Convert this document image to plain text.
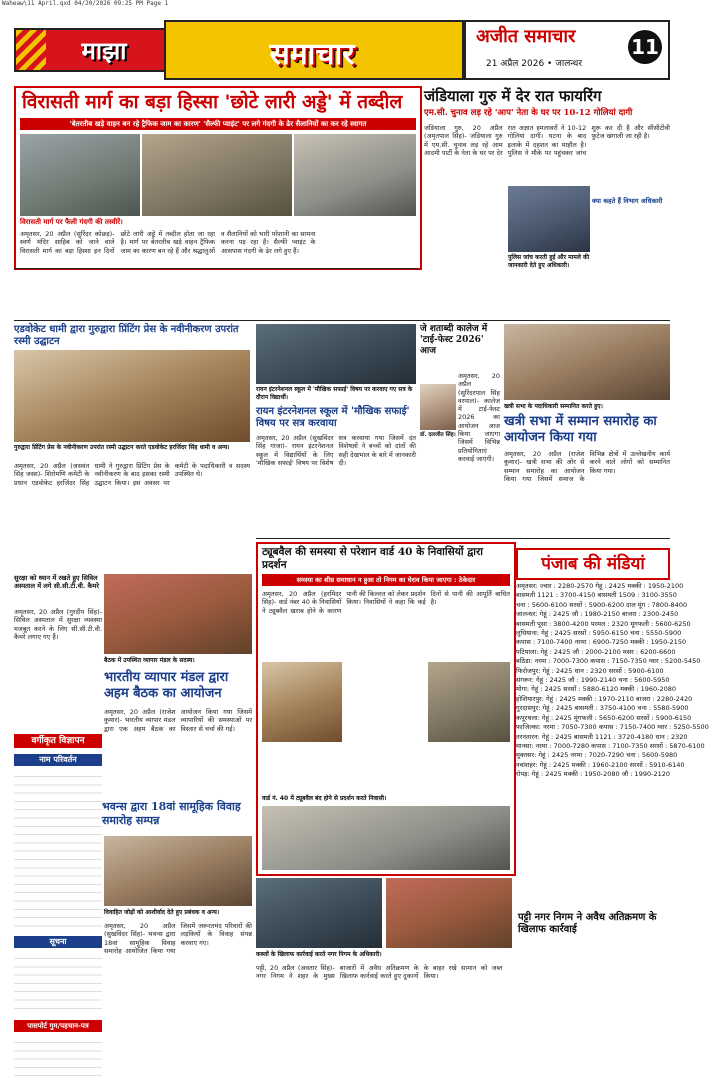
Waheaw\11 April.qxd 04/20/2026 09:25 PM Page 1
माझा	समाचार
अजीत समाचार
21 अप्रैल 2026 • जालन्धर
11
विरासती मार्ग का बड़ा हिस्सा 'छोटे लारी अड्डे' में तब्दील
'बेतरतीब खड़े वाहन बन रहे ट्रैफिक जाम का कारण' 'सैल्फी प्वाइंट' पर लगे गंदगी के ढेर सैलानियों का कर रहे स्वागत
विरासती मार्ग पर फैली गंदगी की तस्वीरें।
अमृतसर, 20 अप्रैल (सुरिंदर कोछड़)- स्वर्ण मंदिर साहिब को जाने वाले विरासती मार्ग का बड़ा हिस्सा इन दिनों छोटे लारी अड्डे में तब्दील होता जा रहा है। मार्ग पर बेतरतीब खड़े वाहन ट्रैफिक जाम का कारण बन रहे हैं और श्रद्धालुओं व सैलानियों को भारी परेशानी का सामना करना पड़ रहा है। सैल्फी प्वाइंट के आसपास गंदगी के ढेर लगे हुए हैं।
जंडियाला गुरु में देर रात फायरिंग
एम.सी. चुनाव लड़ रहे 'आप' नेता के घर पर 10-12 गोलियां दागी
जंडियाला गुरु, 20 अप्रैल (अमृतपाल सिंह)- जंडियाला गुरु में एम.सी. चुनाव लड़ रहे आम आदमी पार्टी के नेता के घर पर देर रात अज्ञात हमलावरों ने 10-12 गोलियां दागीं। घटना के बाद इलाके में दहशत का माहौल है। पुलिस ने मौके पर पहुंचकर जांच शुरू कर दी है और सीसीटीवी फुटेज खंगाली जा रही है।
पुलिस जांच करती हुई और मामले की जानकारी देते हुए अधिकारी।
क्या कहते हैं विभाग अधिकारी
एडवोकेट धामी द्वारा गुरुद्वारा प्रिंटिंग प्रेस के नवीनीकरण उपरांत रस्मी उद्घाटन
गुरुद्वारा प्रिंटिंग प्रेस के नवीनीकरण उपरांत रस्मी उद्घाटन करते एडवोकेट हरजिंदर सिंह धामी व अन्य।
अमृतसर, 20 अप्रैल (जसवंत सिंह जस्स)- शिरोमणि कमेटी के प्रधान एडवोकेट हरजिंदर सिंह धामी ने गुरुद्वारा प्रिंटिंग प्रेस के नवीनीकरण के बाद इसका रस्मी उद्घाटन किया। इस अवसर पर कमेटी के पदाधिकारी व सदस्य उपस्थित थे।
रायन इंटरनेशनल स्कूल में 'मौखिक सफाई' विषय पर करवाए गए सत्र के दौरान विद्यार्थी।
रायन इंटरनेशनल स्कूल में 'मौखिक सफाई' विषय पर सत्र करवाया
अमृतसर, 20 अप्रैल (सुखविंदर सिंह गाजा)- रायन इंटरनेशनल स्कूल में विद्यार्थियों के लिए 'मौखिक सफाई' विषय पर विशेष सत्र करवाया गया जिसमें दंत विशेषज्ञों ने बच्चों को दांतों की सही देखभाल के बारे में जानकारी दी।
जे शताब्दी कालेज में 'टाई-फेस्ट 2026' आज
डॉ. दलजीत सिंह।
अमृतसर, 20 अप्रैल (सुरिंदरपाल सिंह वरपाल)- कालेज में टाई-फेस्ट 2026 का आयोजन आज किया जाएगा जिसमें विभिन्न प्रतियोगिताएं करवाई जाएंगी।
खत्री सभा के पदाधिकारी सम्मानित करते हुए।
खत्री सभा में सम्मान समारोह का आयोजन किया गया
अमृतसर, 20 अप्रैल (राजेश कुमार)- खत्री सभा की ओर से सम्मान समारोह का आयोजन किया गया जिसमें समाज के विभिन्न क्षेत्रों में उल्लेखनीय कार्य करने वाले लोगों को सम्मानित किया गया।
सुरक्षा को ध्यान में रखते हुए सिविल अस्पताल में लगे सी.सी.टी.वी. कैमरे
अमृतसर, 20 अप्रैल (गुरदीप सिंह)- सिविल अस्पताल में सुरक्षा व्यवस्था मजबूत करने के लिए सी.सी.टी.वी. कैमरे लगाए गए हैं।
वर्गीकृत विज्ञापन
नाम परिवर्तन
सूचना
पासपोर्ट गुम/पहचान-पत्र
बैठक में उपस्थित व्यापार मंडल के सदस्य।
भारतीय व्यापार मंडल द्वारा अहम बैठक का आयोजन
अमृतसर, 20 अप्रैल (राजेश कुमार)- भारतीय व्यापार मंडल द्वारा एक अहम बैठक का आयोजन किया गया जिसमें व्यापारियों की समस्याओं पर विस्तार से चर्चा की गई।
ट्यूबवैल की समस्या से परेशान वार्ड 40 के निवासियों द्वारा प्रदर्शन
समस्या का शीघ्र समाधान न हुआ तो निगम का घेराव किया जाएगा : ठेकेदार
अमृतसर, 20 अप्रैल (हरमिंदर सिंह)- वार्ड नंबर 40 के निवासियों ने ट्यूबवैल खराब होने के कारण पानी की किल्लत को लेकर प्रदर्शन किया। निवासियों ने कहा कि कई दिनों से पानी की आपूर्ति बाधित है।
वार्ड नं. 40 में ट्यूबवैल बंद होने से प्रदर्शन करते निवासी।
पंजाब की मंडियां
अमृतसर: ज्वार : 2280-2570 गेहूं : 2425 मक्की : 1950-2100
बासमती 1121 : 3700-4150 बासमती 1509 : 3100-3550
चना : 5600-6100 सरसों : 5900-6200 दाल मूंग : 7800-8400
जालन्धर: गेहूं : 2425 जौ : 1980-2150 बाजरा : 2300-2450
बासमती पूसा : 3800-4200 परमल : 2320 मूंगफली : 5600-6250
लुधियाना: गेहूं : 2425 सरसों : 5950-6150 चना : 5550-5900
कपास : 7100-7400 नरमा : 6900-7250 मक्की : 1950-2150
पटियाला: गेहूं : 2425 जौ : 2000-2100 मसर : 6200-6600
बठिंडा: नरमा : 7000-7300 कपास : 7150-7350 ग्वार : 5200-5450
फिरोजपुर: गेहूं : 2425 धान : 2320 सरसों : 5900-6100
संगरूर: गेहूं : 2425 जौ : 1990-2140 चना : 5600-5950
मोगा: गेहूं : 2425 सरसों : 5880-6120 मक्की : 1960-2080
होशियारपुर: गेहूं : 2425 मक्की : 1970-2110 बाजरा : 2280-2420
गुरदासपुर: गेहूं : 2425 बासमती : 3750-4100 चना : 5580-5900
कपूरथला: गेहूं : 2425 मूंगफली : 5650-6200 सरसों : 5900-6150
फाजिल्का: नरमा : 7050-7300 कपास : 7150-7400 ग्वार : 5250-5500
तरनतारन: गेहूं : 2425 बासमती 1121 : 3720-4180 धान : 2320
मानसा: नरमा : 7000-7280 कपास : 7100-7350 सरसों : 5870-6100
मुक्तसर: गेहूं : 2425 नरमा : 7020-7290 चना : 5600-5980
नवांशहर: गेहूं : 2425 मक्की : 1960-2100 सरसों : 5910-6140
रोपड़: गेहूं : 2425 मक्की : 1950-2080 जौ : 1990-2120
भवन्स द्वारा 18वां सामूहिक विवाह समारोह सम्पन्न
विवाहित जोड़ों को आशीर्वाद देते हुए प्रबंधक व अन्य।
अमृतसर, 20 अप्रैल (सुखविंदर सिंह)- भवन्स द्वारा 18वां सामूहिक विवाह समारोह आयोजित किया गया जिसमें जरूरतमंद परिवारों की लड़कियों के विवाह संपन्न करवाए गए।
कब्जों के खिलाफ कार्रवाई करते नगर निगम के अधिकारी।
पट्टी नगर निगम ने अवैध अतिक्रमण के खिलाफ कार्रवाई
पट्टी, 20 अप्रैल (अवतार सिंह)- नगर निगम ने शहर के मुख्य बाजारों में अवैध अतिक्रमण के खिलाफ कार्रवाई करते हुए दुकानों के बाहर रखे सामान को जब्त किया।
